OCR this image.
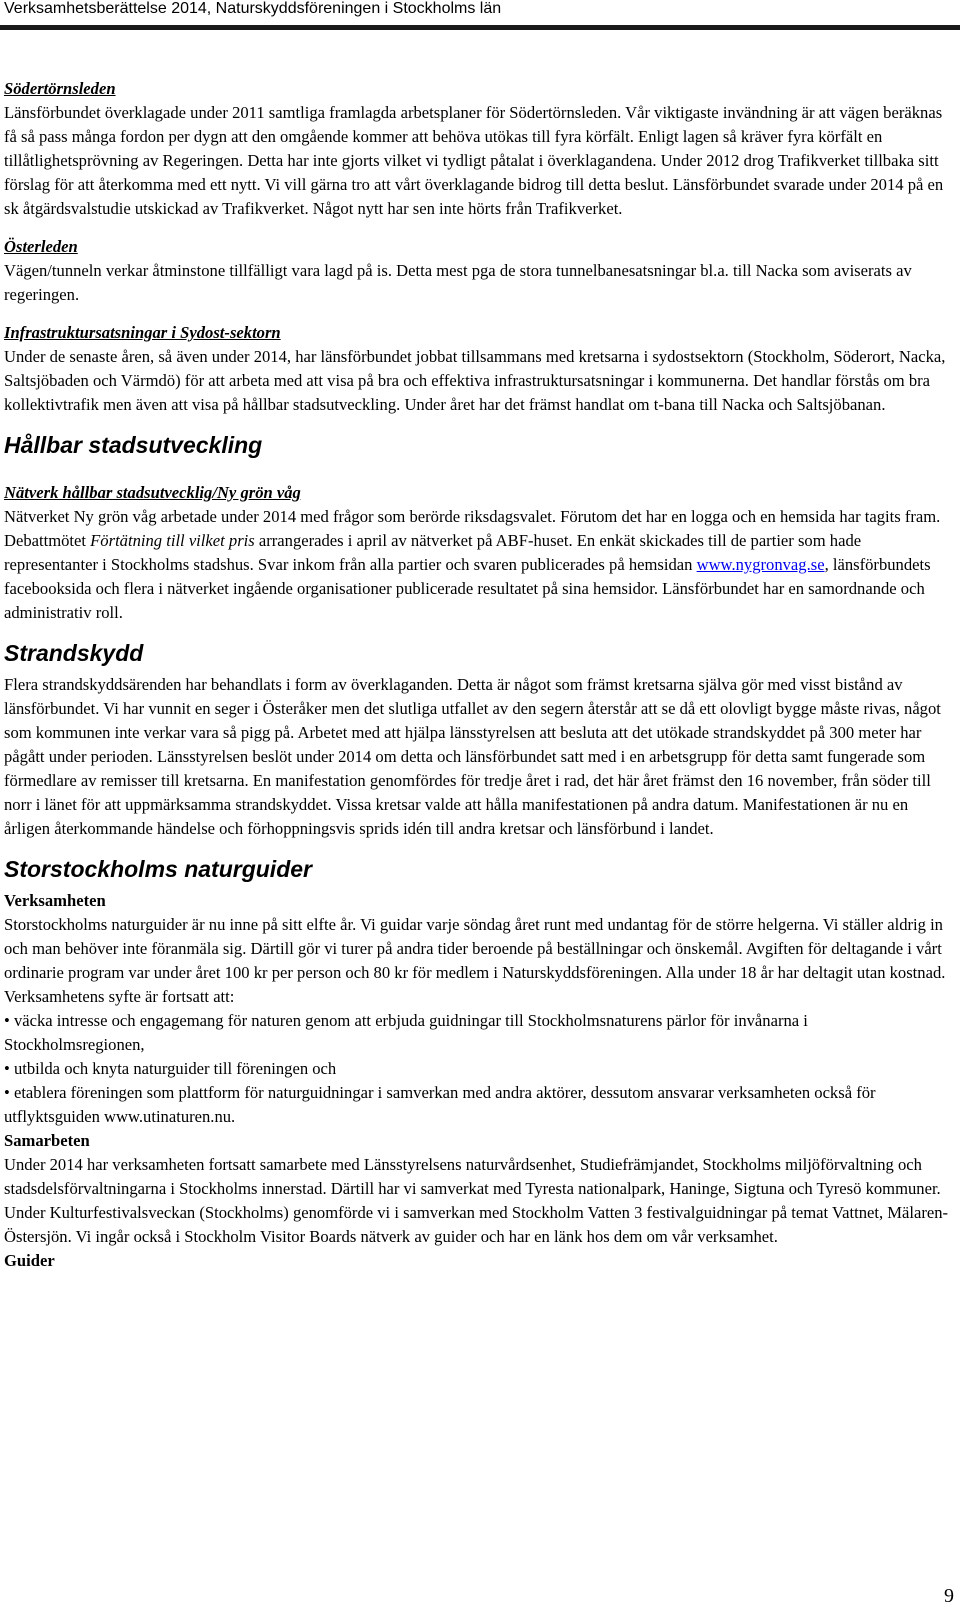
Verksamhetsberättelse 2014, Naturskyddsföreningen i Stockholms län
Södertörnsleden

Länsförbundet överklagade under 2011 samtliga framlagda arbetsplaner för Södertörnsleden. Vår viktigaste invändning är att vägen beräknas få så pass många fordon per dygn att den omgående kommer att behöva utökas till fyra körfält. Enligt lagen så kräver fyra körfält en tillåtlighetsprövning av Regeringen. Detta har inte gjorts vilket vi tydligt påtalat i överklagandena. Under 2012 drog Trafikverket tillbaka sitt förslag för att återkomma med ett nytt. Vi vill gärna tro att vårt överklagande bidrog till detta beslut. Länsförbundet svarade under 2014 på en sk åtgärdsvalstudie utskickad av Trafikverket. Något nytt har sen inte hörts från Trafikverket.

Österleden

Vägen/tunneln verkar åtminstone tillfälligt vara lagd på is. Detta mest pga de stora tunnelbanesatsningar bl.a. till Nacka som aviserats av regeringen.

Infrastruktursatsningar i Sydost-sektorn

Under de senaste åren, så även under 2014, har länsförbundet jobbat tillsammans med kretsarna i sydostsektorn (Stockholm, Söderort, Nacka, Saltsjöbaden och Värmdö) för att arbeta med att visa på bra och effektiva infrastruktursatsningar i kommunerna. Det handlar förstås om bra kollektivtrafik men även att visa på hållbar stadsutveckling. Under året har det främst handlat om t-bana till Nacka och Saltsjöbanan.

Hållbar stadsutveckling
Nätverk hållbar stadsutvecklig/Ny grön våg

Nätverket Ny grön våg arbetade under 2014 med frågor som berörde riksdagsvalet. Förutom det har en logga och en hemsida har tagits fram. Debattmötet Förtätning till vilket pris arrangerades i april av nätverket på ABF-huset. En enkät skickades till de partier som hade representanter i Stockholms stadshus. Svar inkom från alla partier och svaren publicerades på hemsidan www.nygronvag.se, länsförbundets facebooksida och flera i nätverket ingående organisationer publicerade resultatet på sina hemsidor. Länsförbundet har en samordnande och administrativ roll.

Strandskydd

Flera strandskyddsärenden har behandlats i form av överklaganden. Detta är något som främst kretsarna själva gör med visst bistånd av länsförbundet. Vi har vunnit en seger i Österåker men det slutliga utfallet av den segern återstår att se då ett olovligt bygge måste rivas, något som kommunen inte verkar vara så pigg på. Arbetet med att hjälpa länsstyrelsen att besluta att det utökade strandskyddet på 300 meter har pågått under perioden. Länsstyrelsen beslöt under 2014 om detta och länsförbundet satt med i en arbetsgrupp för detta samt fungerade som förmedlare av remisser till kretsarna. En manifestation genomfördes för tredje året i rad, det här året främst den 16 november, från söder till norr i länet för att uppmärksamma strandskyddet. Vissa kretsar valde att hålla manifestationen på andra datum. Manifestationen är nu en årligen återkommande händelse och förhoppningsvis sprids idén till andra kretsar och länsförbund i landet.

Storstockholms naturguider
Verksamheten

Storstockholms naturguider är nu inne på sitt elfte år. Vi guidar varje söndag året runt med undantag för de större helgerna. Vi ställer aldrig in och man behöver inte föranmäla sig. Därtill gör vi turer på andra tider beroende på beställningar och önskemål. Avgiften för deltagande i vårt ordinarie program var under året 100 kr per person och 80 kr för medlem i Naturskyddsföreningen. Alla under 18 år har deltagit utan kostnad.

Verksamhetens syfte är fortsatt att:

• väcka intresse och engagemang för naturen genom att erbjuda guidningar till Stockholmsnaturens pärlor för invånarna i Stockholmsregionen,

• utbilda och knyta naturguider till föreningen och

• etablera föreningen som plattform för naturguidningar i samverkan med andra aktörer, dessutom ansvarar verksamheten också för utflyktsguiden www.utinaturen.nu.

Samarbeten

Under 2014 har verksamheten fortsatt samarbete med Länsstyrelsens naturvårdsenhet, Studiefrämjandet, Stockholms miljöförvaltning och stadsdelsförvaltningarna i Stockholms innerstad. Därtill har vi samverkat med Tyresta nationalpark, Haninge, Sigtuna och Tyresö kommuner. Under Kulturfestivalsveckan (Stockholms) genomförde vi i samverkan med Stockholm Vatten 3 festivalguidningar på temat Vattnet, Mälaren-Östersjön. Vi ingår också i Stockholm Visitor Boards nätverk av guider och har en länk hos dem om vår verksamhet.

Guider
9
